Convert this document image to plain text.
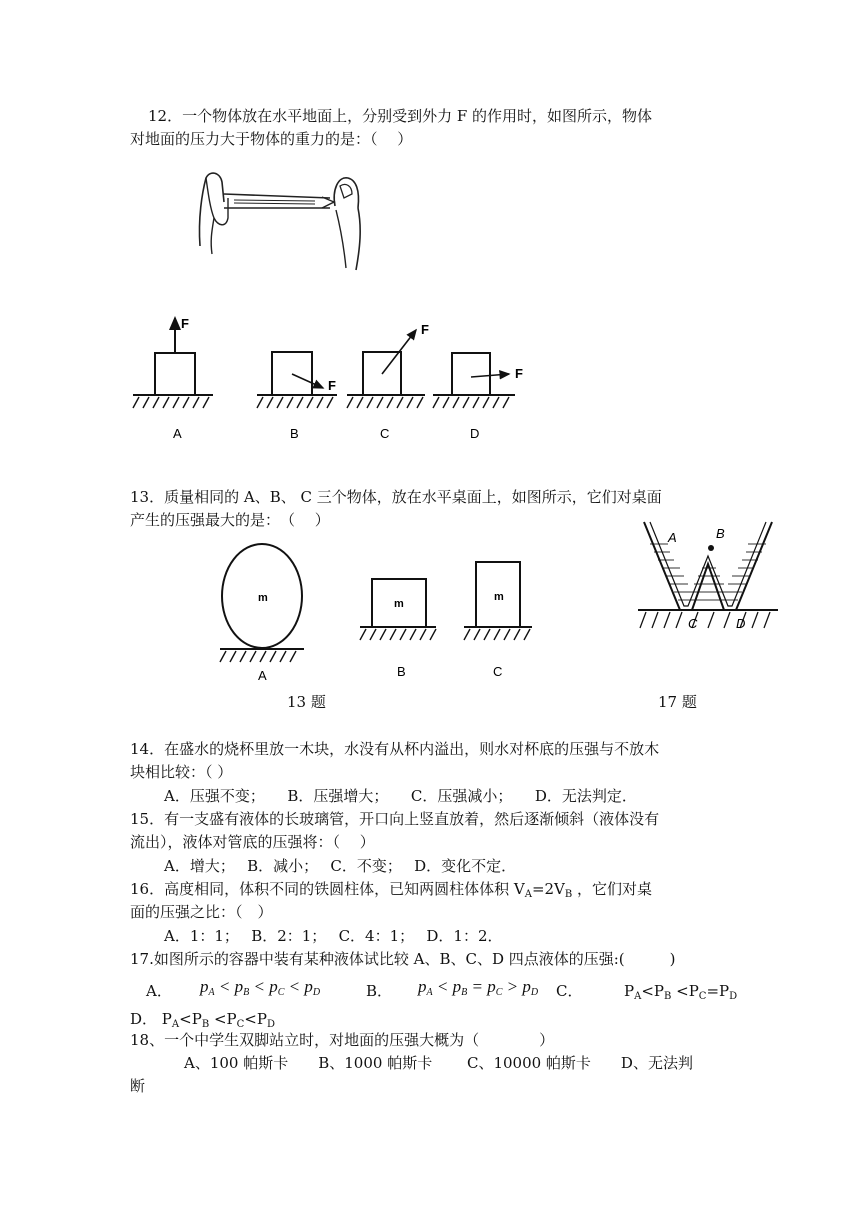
12．一个物体放在水平地面上，分别受到外力 F 的作用时，如图所示，物体
对地面的压力大于物体的重力的是：（　 ）
F
A
F
B
F
C
F
D
13．质量相同的 A、B、 C 三个物体，放在水平桌面上，如图所示，它们对桌面
产生的压强最大的是：　（　 ）
m
A
m
B
m
C
A	B
C	D
13 题	17 题
14．在盛水的烧杯里放一木块，水没有从杯内溢出，则水对杯底的压强与不放木
块相比较：（ ）
A．压强不变；　　B．压强增大；　　C．压强减小；　　D．无法判定．
15．有一支盛有液体的长玻璃管，开口向上竖直放着，然后逐渐倾斜（液体没有
流出），液体对管底的压强将：（　 ）
A．增大；　 B．减小；　 C．不变；　 D．变化不定．
16．高度相同，体积不同的铁圆柱体，已知两圆柱体体积 $V_A=2V_B$ ，它们对桌
面的压强之比：（　）
A．1：1；　 B．2：1；　 C．4：1；　 D．1：2．
17.如图所示的容器中装有某种液体试比较 A、B、C、D 四点液体的压强:(　　　)
A． $p_A < p_B < p_C < p_D$	B． $p_A < p_B = p_C > p_D$ C．	$P_A<P_B <P_C=P_D$
D． $P_A<P_B <P_C<P_D$
18、一个中学生双脚站立时，对地面的压强大概为（　　　　）
A、100 帕斯卡　　B、1000 帕斯卡　　 C、10000 帕斯卡　　D、无法判
断
